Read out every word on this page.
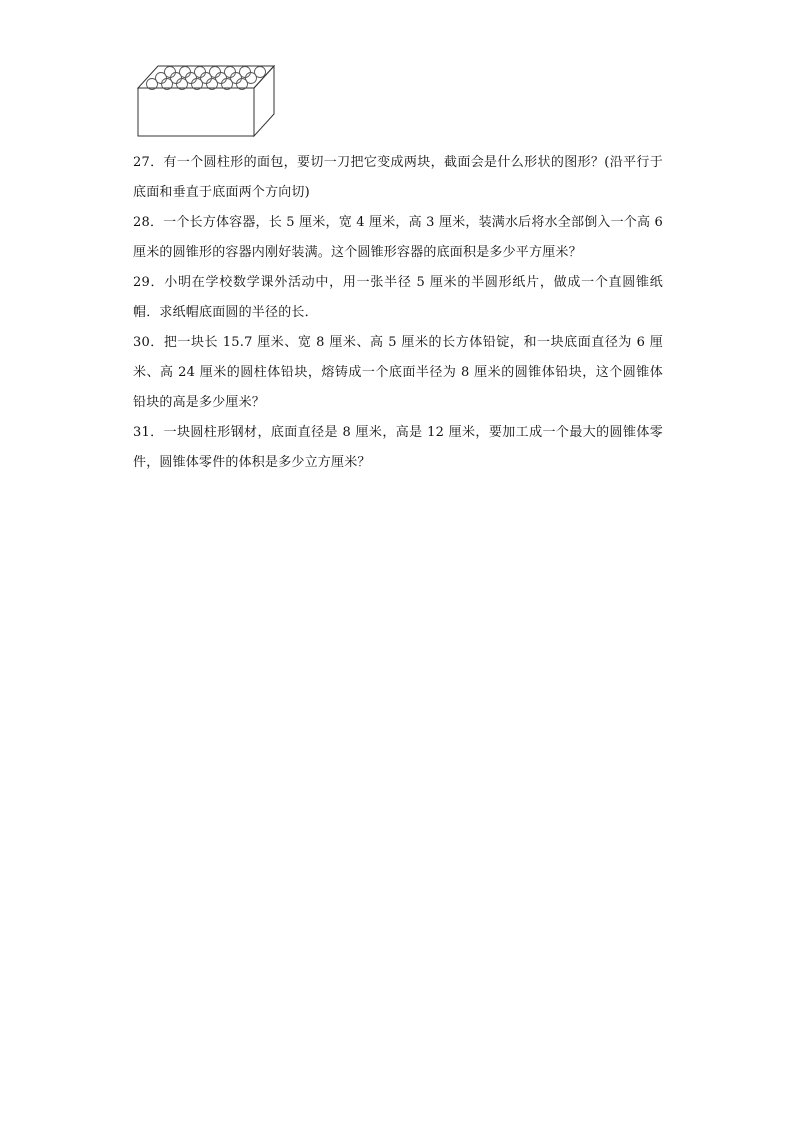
27．有一个圆柱形的面包，要切一刀把它变成两块，截面会是什么形状的图形？(沿平行于底面和垂直于底面两个方向切)

28．一个长方体容器，长 5 厘米，宽 4 厘米，高 3 厘米，装满水后将水全部倒入一个高 6 厘米的圆锥形的容器内刚好装满。这个圆锥形容器的底面积是多少平方厘米？

29．小明在学校数学课外活动中，用一张半径 5 厘米的半圆形纸片，做成一个直圆锥纸帽．求纸帽底面圆的半径的长．

30．把一块长 15.7 厘米、宽 8 厘米、高 5 厘米的长方体铅锭，和一块底面直径为 6 厘米、高 24 厘米的圆柱体铅块，熔铸成一个底面半径为 8 厘米的圆锥体铅块，这个圆锥体铅块的高是多少厘米？

31．一块圆柱形钢材，底面直径是 8 厘米，高是 12 厘米，要加工成一个最大的圆锥体零件，圆锥体零件的体积是多少立方厘米？
